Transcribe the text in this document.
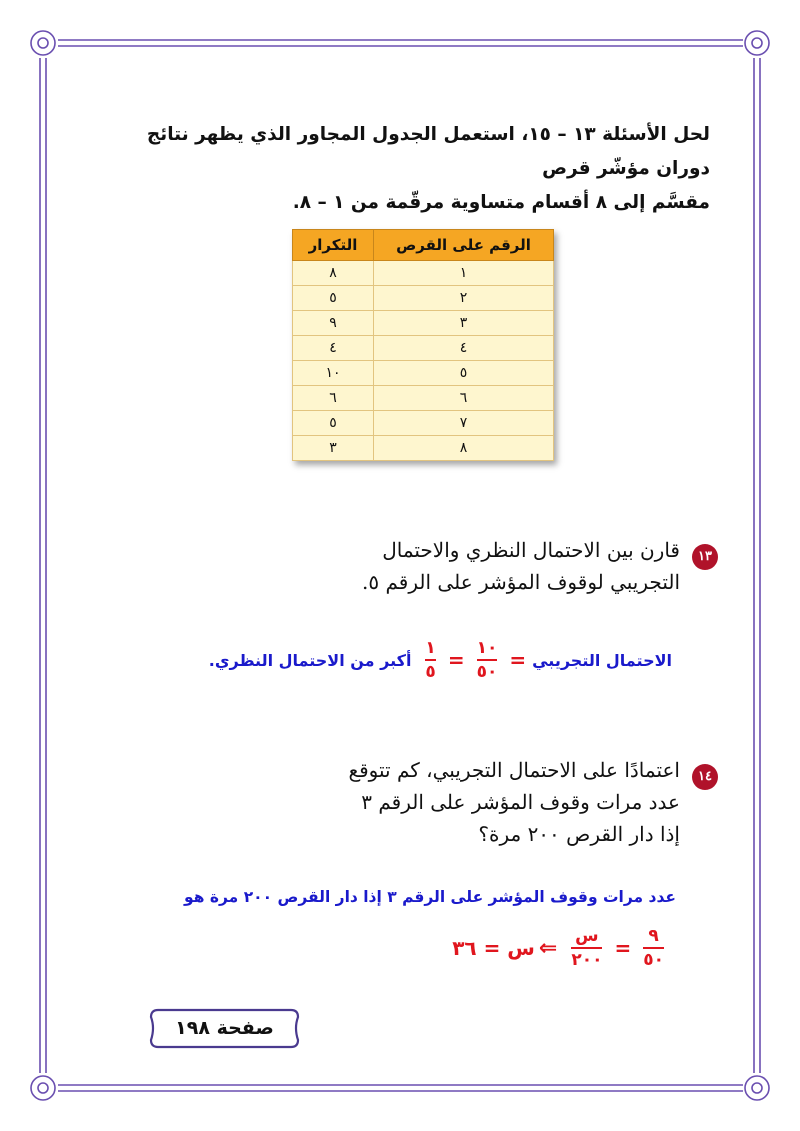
لحل الأسئلة ١٣ – ١٥، استعمل الجدول المجاور الذي يظهر نتائج دوران مؤشّر قرص

مقسَّم إلى ٨ أقسام متساوية مرقّمة من ١ – ٨.

الرقم على القرص	التكرار
١	٨
٢	٥
٣	٩
٤	٤
٥	١٠
٦	٦
٧	٥
٨	٣
١٣
قارن بين الاحتمال النظري والاحتمال
التجريبي لوقوف المؤشر على الرقم ٥.
الاحتمال التجريبي
=
$\frac{١٠}{٥٠}$
=
$\frac{١}{٥}$
أكبر من الاحتمال النظري.
١٤
اعتمادًا على الاحتمال التجريبي، كم تتوقع
عدد مرات وقوف المؤشر على الرقم ٣
إذا دار القرص ٢٠٠ مرة؟
عدد مرات وقوف المؤشر على الرقم ٣ إذا دار القرص ٢٠٠ مرة هو
$\frac{٩}{٥٠}$
=
$\frac{\text{س}}{٢٠٠}$
⇐
س = ٣٦
صفحة ١٩٨
